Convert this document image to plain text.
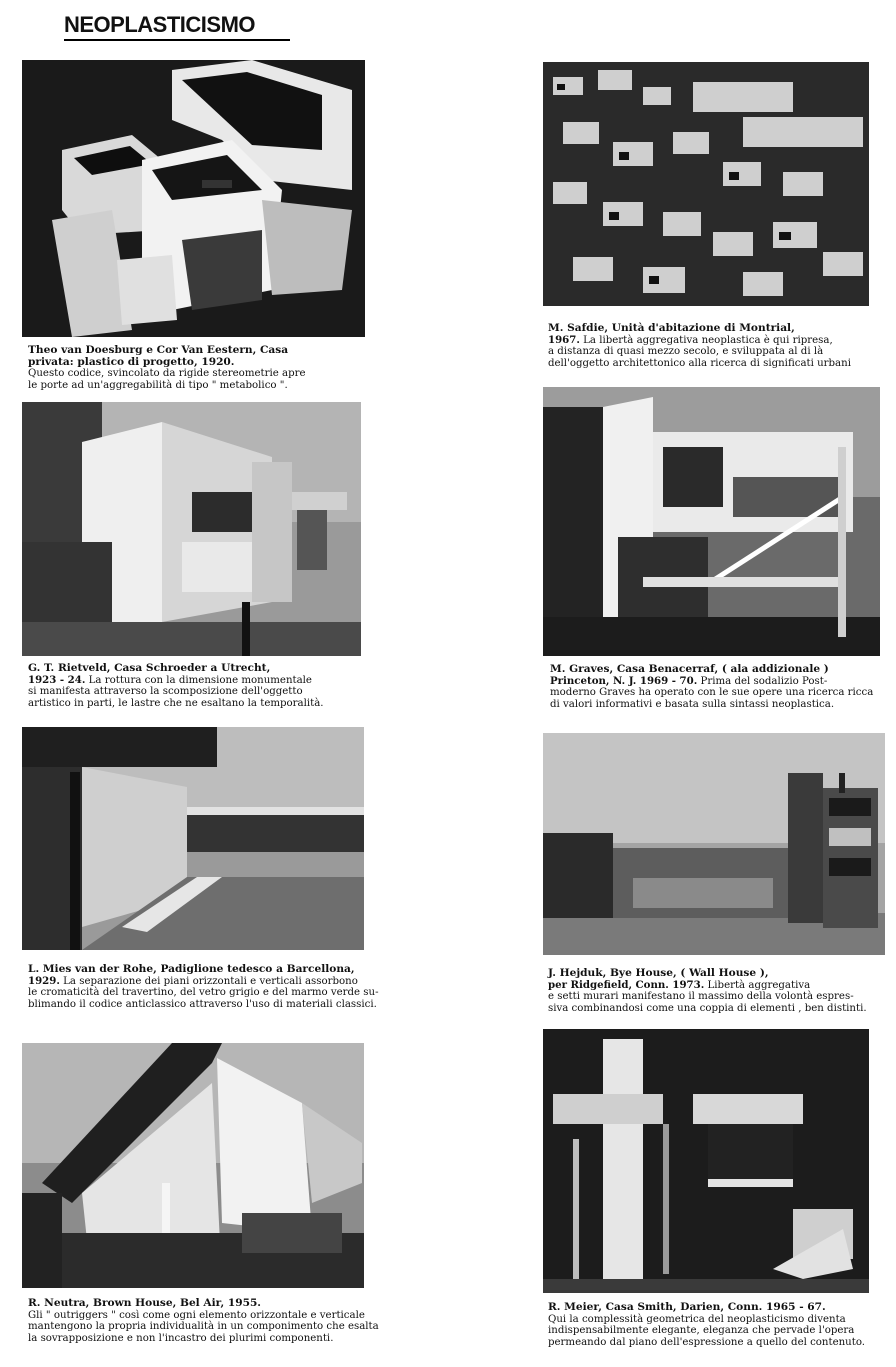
NEOPLASTICISMO
Theo van Doesburg e Cor Van Eestern, Casa
privata: plastico di progetto, 1920.
Questo codice, svincolato da rigide stereometrie apre
le porte ad un'aggregabilità di tipo " metabolico ".
M. Safdie, Unità d'abitazione di Montrial,
1967. La libertà aggregativa neoplastica è qui ripresa,
a distanza di quasi mezzo secolo, e sviluppata al di là
dell'oggetto architettonico alla ricerca di significati urbani
G. T. Rietveld, Casa Schroeder a Utrecht,
1923 - 24. La rottura con la dimensione monumentale
si manifesta attraverso la scomposizione dell'oggetto
artistico in parti, le lastre che ne esaltano la temporalità.
M. Graves, Casa Benacerraf, ( ala addizionale )
Princeton, N. J. 1969 - 70. Prima del sodalizio Post-
moderno Graves ha operato con le sue opere una ricerca ricca
di valori informativi e basata sulla sintassi neoplastica.
L. Mies van der Rohe, Padiglione tedesco a Barcellona,
1929. La separazione dei piani orizzontali e verticali assorbono
le cromaticità del travertino, del vetro grigio e del marmo verde su-
blimando il codice anticlassico attraverso l'uso di materiali classici.
J. Hejduk, Bye House, ( Wall House ),
per Ridgefield, Conn. 1973. Libertà aggregativa
e setti murari manifestano il massimo della volontà espres-
siva combinandosi come una coppia di elementi , ben distinti.
R. Neutra, Brown House, Bel Air, 1955.
Gli " outriggers " così come ogni elemento orizzontale e verticale
mantengono la propria individualità in un componimento che esalta
la sovrapposizione e non l'incastro dei plurimi componenti.
R. Meier, Casa Smith, Darien, Conn. 1965 - 67.
Qui la complessità geometrica del neoplasticismo diventa
indispensabilmente elegante, eleganza che pervade l'opera
permeando dal piano dell'espressione a quello del contenuto.
